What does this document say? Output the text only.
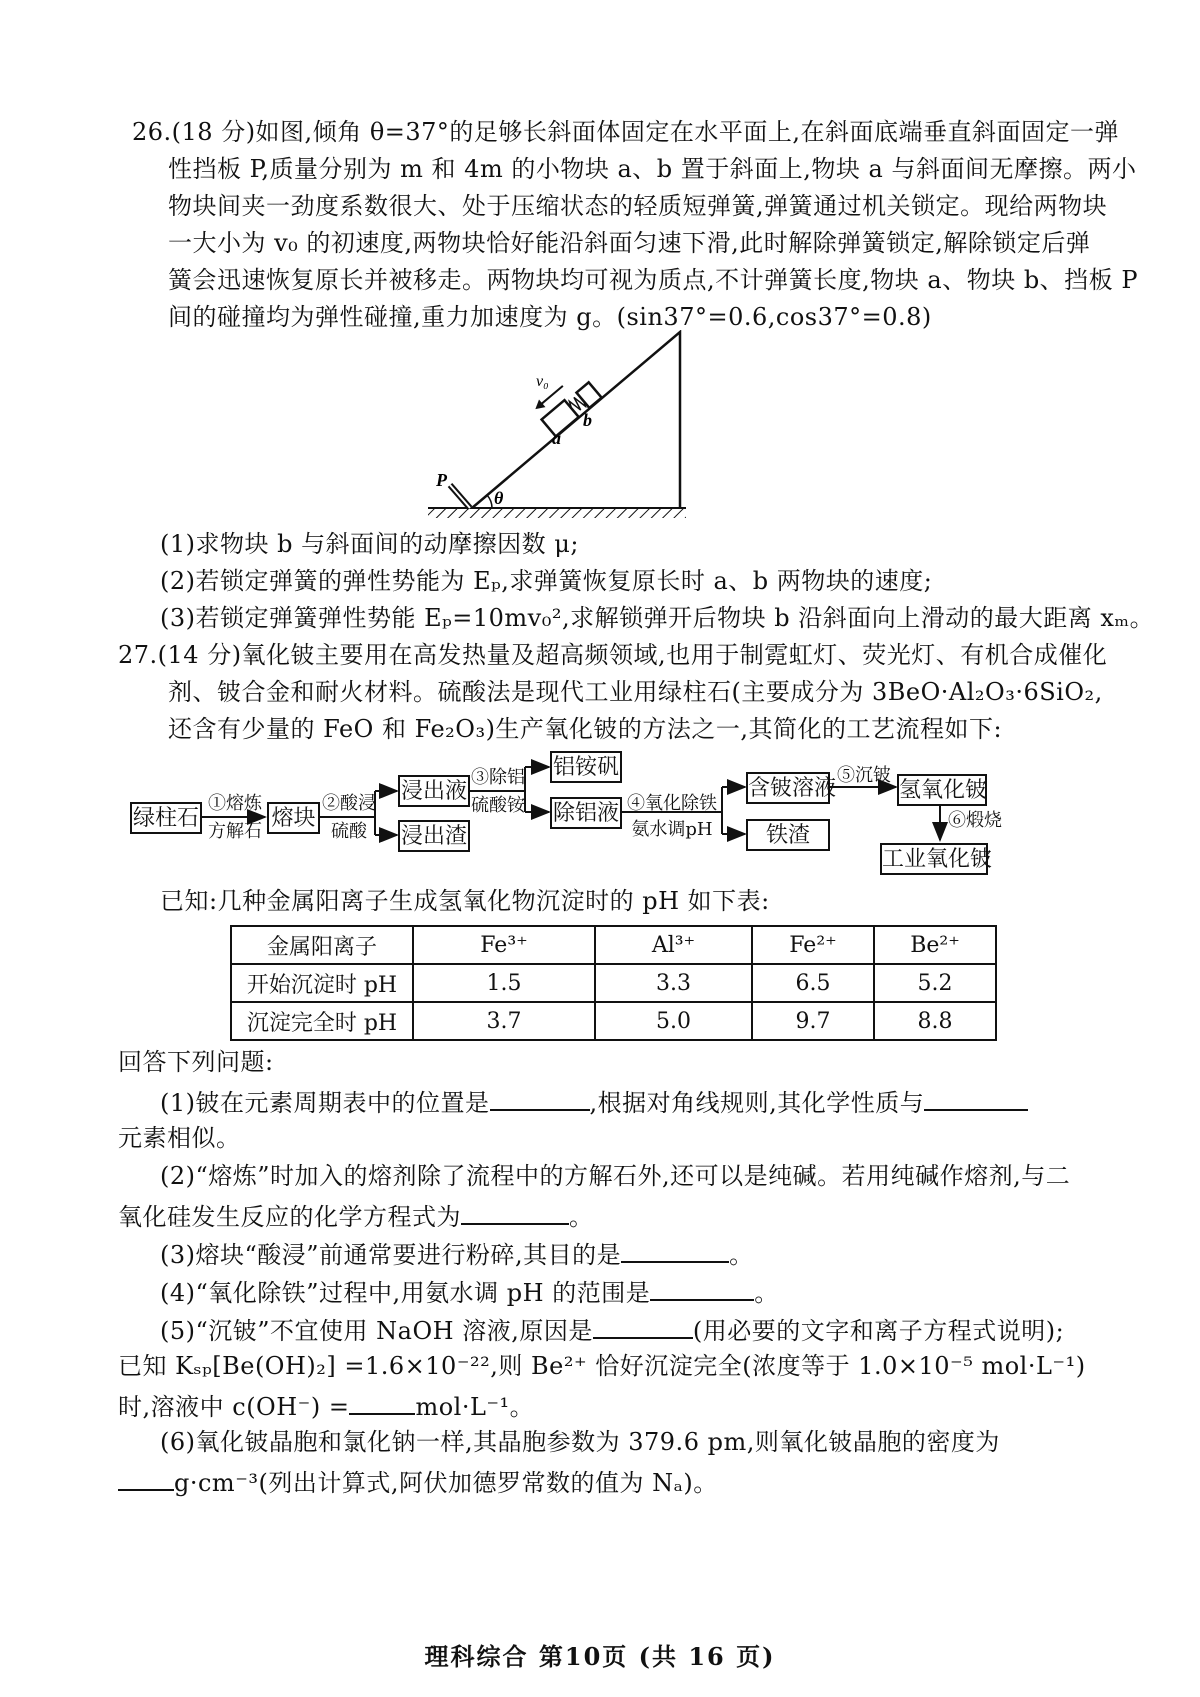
26.(18 分)如图,倾角 θ=37°的足够长斜面体固定在水平面上,在斜面底端垂直斜面固定一弹
性挡板 P,质量分别为 m 和 4m 的小物块 a、b 置于斜面上,物块 a 与斜面间无摩擦。两小
物块间夹一劲度系数很大、处于压缩状态的轻质短弹簧,弹簧通过机关锁定。现给两物块
一大小为 v₀ 的初速度,两物块恰好能沿斜面匀速下滑,此时解除弹簧锁定,解除锁定后弹
簧会迅速恢复原长并被移走。两物块均可视为质点,不计弹簧长度,物块 a、物块 b、挡板 P
间的碰撞均为弹性碰撞,重力加速度为 g。(sin37°=0.6,cos37°=0.8)
v₀
a
b
P
θ
(1)求物块 b 与斜面间的动摩擦因数 μ;
(2)若锁定弹簧的弹性势能为 Eₚ,求弹簧恢复原长时 a、b 两物块的速度;
(3)若锁定弹簧弹性势能 Eₚ=10mv₀²,求解锁弹开后物块 b 沿斜面向上滑动的最大距离 xₘ。
27.(14 分)氧化铍主要用在高发热量及超高频领域,也用于制霓虹灯、荧光灯、有机合成催化
剂、铍合金和耐火材料。硫酸法是现代工业用绿柱石(主要成分为 3BeO·Al₂O₃·6SiO₂,
还含有少量的 FeO 和 Fe₂O₃)生产氧化铍的方法之一,其简化的工艺流程如下:
绿柱石
①熔炼
方解石
熔块
②酸浸
硫酸
浸出液
浸出渣
③除铝
硫酸铵
铝铵矾
除铝液 ④氧化除铁
氨水调pH
含铍溶液
铁渣
⑤沉铍
氢氧化铍
⑥煅烧
工业氧化铍
已知:几种金属阳离子生成氢氧化物沉淀时的 pH 如下表:
金属阳离子	Fe³⁺	Al³⁺	Fe²⁺	Be²⁺
开始沉淀时 pH	1.5	3.3	6.5	5.2
沉淀完全时 pH	3.7	5.0	9.7	8.8
回答下列问题:
(1)铍在元素周期表中的位置是	,根据对角线规则,其化学性质与
元素相似。
(2)“熔炼”时加入的熔剂除了流程中的方解石外,还可以是纯碱。若用纯碱作熔剂,与二
氧化硅发生反应的化学方程式为	。
(3)熔块“酸浸”前通常要进行粉碎,其目的是	。
(4)“氧化除铁”过程中,用氨水调 pH 的范围是	。
(5)“沉铍”不宜使用 NaOH 溶液,原因是	(用必要的文字和离子方程式说明);
已知 Kₛₚ[Be(OH)₂] =1.6×10⁻²²,则 Be²⁺ 恰好沉淀完全(浓度等于 1.0×10⁻⁵ mol·L⁻¹)
时,溶液中 c(OH⁻) =	mol·L⁻¹。
(6)氧化铍晶胞和氯化钠一样,其晶胞参数为 379.6 pm,则氧化铍晶胞的密度为
g·cm⁻³(列出计算式,阿伏加德罗常数的值为 Nₐ)。
理科综合 第10页 (共 16 页)
